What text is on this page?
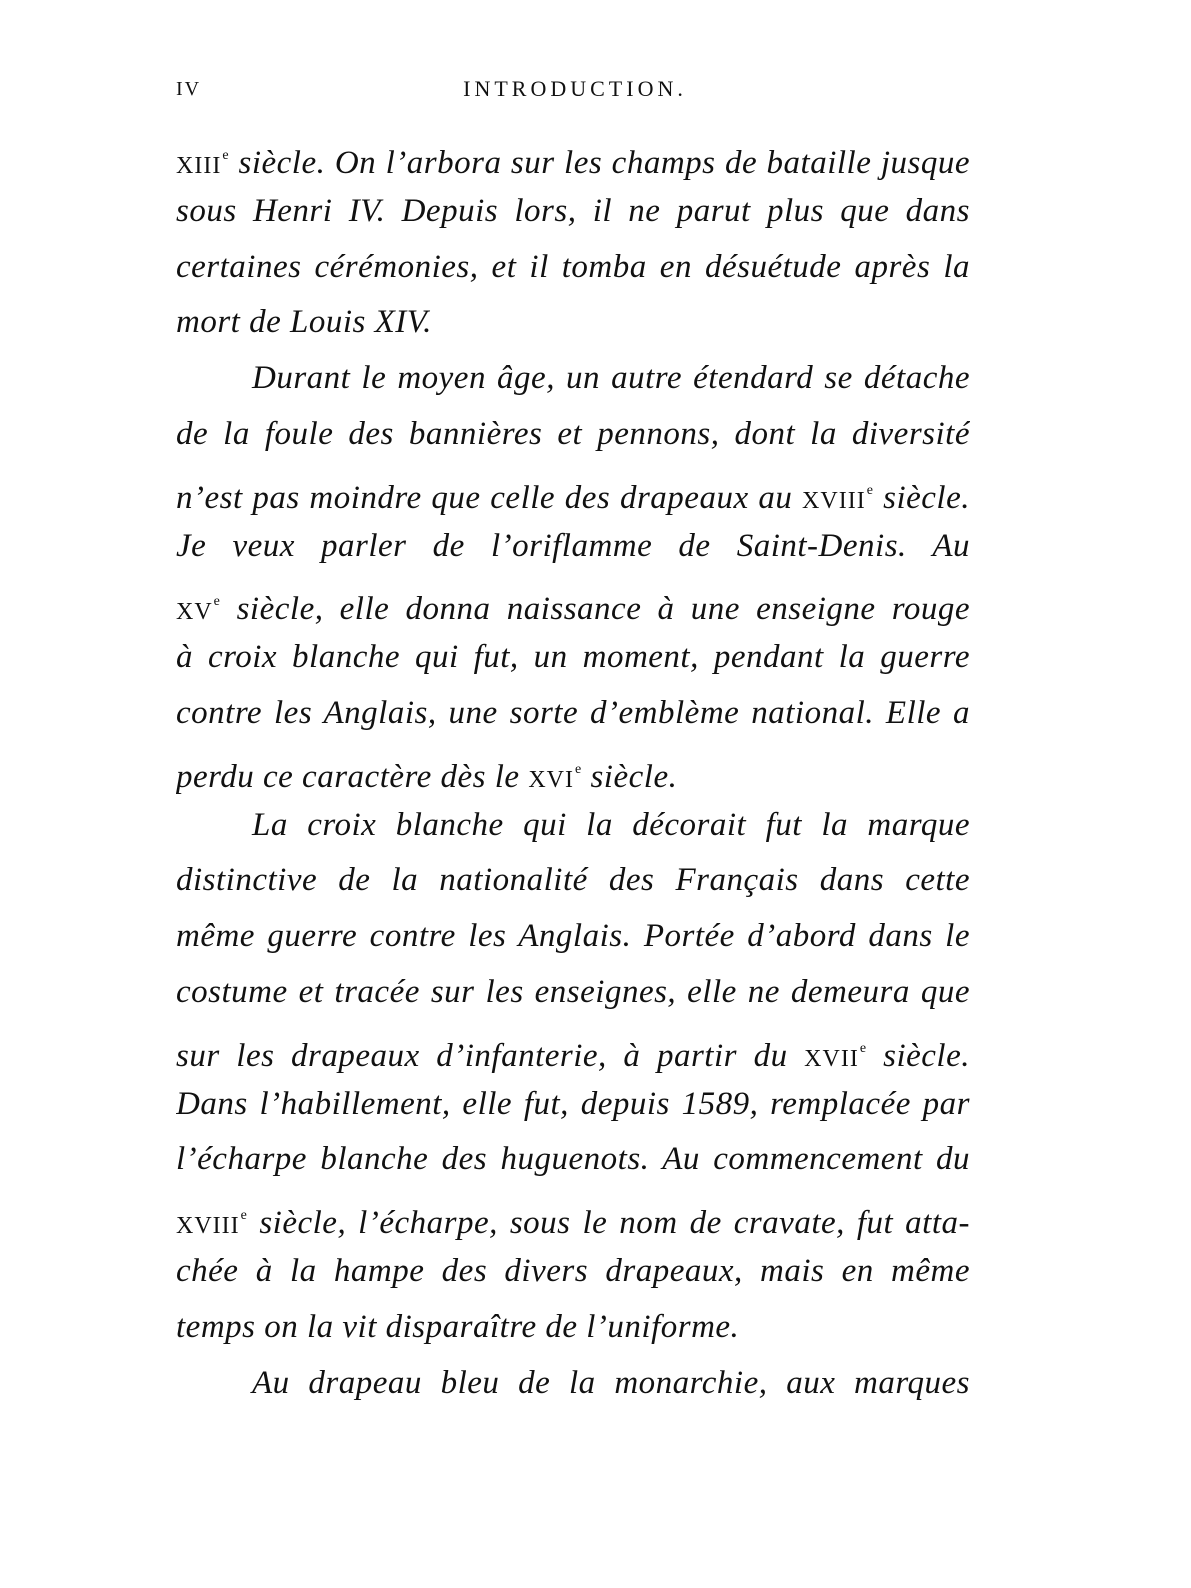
IV	INTRODUCTION.
XIIIe siècle. On l’arbora sur les champs de bataille jusque
sous Henri IV. Depuis lors, il ne parut plus que dans
certaines cérémonies, et il tomba en désuétude après la
mort de Louis XIV.
Durant le moyen âge, un autre étendard se détache
de la foule des bannières et pennons, dont la diversité
n’est pas moindre que celle des drapeaux au XVIIIe siècle.
Je veux parler de l’oriflamme de Saint-Denis. Au
XVe siècle, elle donna naissance à une enseigne rouge
à croix blanche qui fut, un moment, pendant la guerre
contre les Anglais, une sorte d’emblème national. Elle a
perdu ce caractère dès le XVIe siècle.
La croix blanche qui la décorait fut la marque
distinctive de la nationalité des Français dans cette
même guerre contre les Anglais. Portée d’abord dans le
costume et tracée sur les enseignes, elle ne demeura que
sur les drapeaux d’infanterie, à partir du XVIIe siècle.
Dans l’habillement, elle fut, depuis 1589, remplacée par
l’écharpe blanche des huguenots. Au commencement du
XVIIIe siècle, l’écharpe, sous le nom de cravate, fut atta-
chée à la hampe des divers drapeaux, mais en même
temps on la vit disparaître de l’uniforme.
Au drapeau bleu de la monarchie, aux marques
